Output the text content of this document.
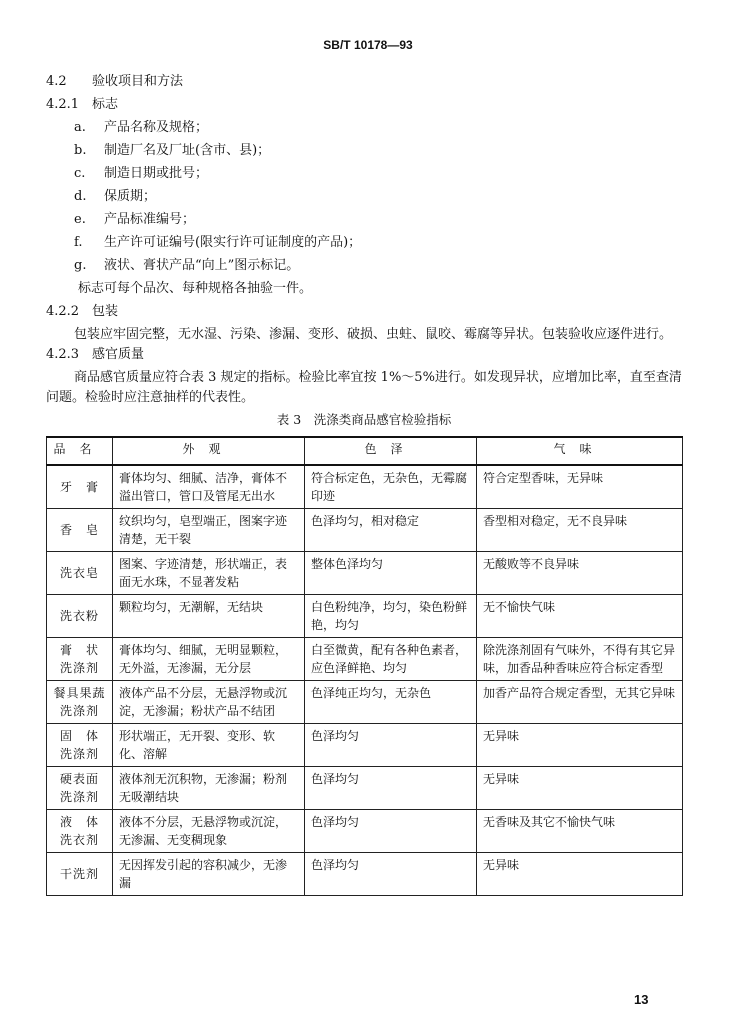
SB/T 10178—93

4.2 验收项目和方法

4.2.1 标志

a. 产品名称及规格；

b. 制造厂名及厂址(含市、县)；

c. 制造日期或批号；

d. 保质期；

e. 产品标准编号；

f. 生产许可证编号(限实行许可证制度的产品)；

g. 液状、膏状产品“向上”图示标记。

标志可每个品次、每种规格各抽验一件。

4.2.2 包装

包装应牢固完整，无水湿、污染、渗漏、变形、破损、虫蛀、鼠咬、霉腐等异状。包装验收应逐件进行。

4.2.3 感官质量

商品感官质量应符合表 3 规定的指标。检验比率宜按 1%～5%进行。如发现异状，应增加比率，直至查清问题。检验时应注意抽样的代表性。

表 3　洗涤类商品感官检验指标
品名	外观	色泽	气味
牙　膏	膏体均匀、细腻、洁净，膏体不溢出管口，管口及管尾无出水	符合标定色，无杂色，无霉腐印迹	符合定型香味，无异味
香　皂	纹织均匀，皂型端正，图案字迹清楚，无干裂	色泽均匀，相对稳定	香型相对稳定，无不良异味
洗衣皂	图案、字迹清楚，形状端正，表面无水珠，不显著发粘	整体色泽均匀	无酸败等不良异味
洗衣粉	颗粒均匀，无潮解，无结块	白色粉纯净，均匀，染色粉鲜艳，均匀	无不愉快气味
膏　状
洗涤剂	膏体均匀、细腻，无明显颗粒，无外溢，无渗漏，无分层	白至微黄，配有各种色素者，应色泽鲜艳、均匀	除洗涤剂固有气味外，不得有其它异味，加香品种香味应符合标定香型
餐具果蔬
洗涤剂	液体产品不分层，无悬浮物或沉淀，无渗漏；粉状产品不结团	色泽纯正均匀，无杂色	加香产品符合规定香型，无其它异味
固　体
洗涤剂	形状端正，无开裂、变形、软化、溶解	色泽均匀	无异味
硬表面
洗涤剂	液体剂无沉积物，无渗漏；粉剂无吸潮结块	色泽均匀	无异味
液　体
洗衣剂	液体不分层，无悬浮物或沉淀，无渗漏、无变稠现象	色泽均匀	无香味及其它不愉快气味
干洗剂	无因挥发引起的容积减少，无渗漏	色泽均匀	无异味
13
